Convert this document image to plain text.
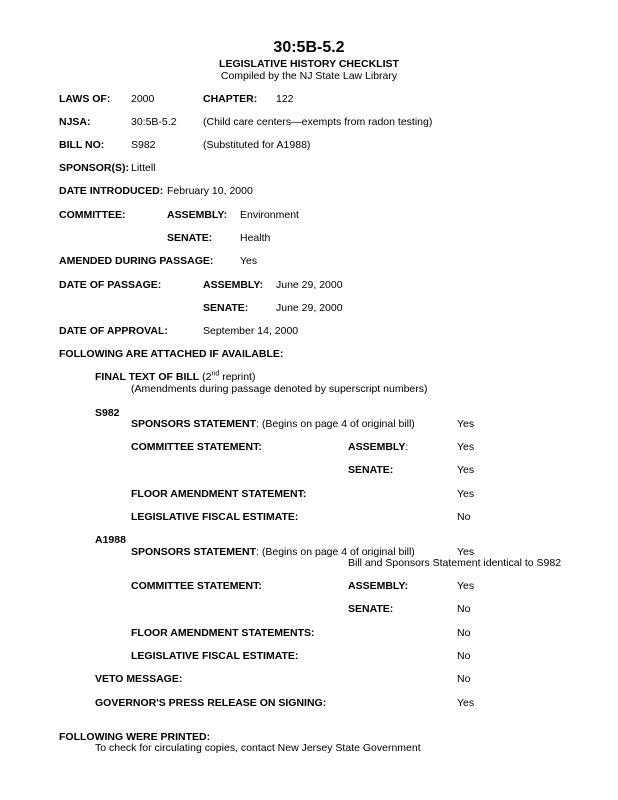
30:5B-5.2
LEGISLATIVE HISTORY CHECKLIST
Compiled by the NJ State Law Library
LAWS OF: 2000	CHAPTER: 122
NJSA:	30:5B-5.2	(Child care centers—exempts from radon testing)
BILL NO:	S982	(Substituted for A1988)
SPONSOR(S): Littell
DATE INTRODUCED: February 10, 2000
COMMITTEE:	ASSEMBLY: Environment
SENATE:	Health
AMENDED DURING PASSAGE:	Yes
DATE OF PASSAGE:	ASSEMBLY: June 29, 2000
SENATE:	June 29, 2000
DATE OF APPROVAL:	September 14, 2000
FOLLOWING ARE ATTACHED IF AVAILABLE:
FINAL TEXT OF BILL (2nd reprint)
(Amendments during passage denoted by superscript numbers)
S982
SPONSORS STATEMENT: (Begins on page 4 of original bill)	Yes
COMMITTEE STATEMENT:	ASSEMBLY:	Yes
SENATE:	Yes
FLOOR AMENDMENT STATEMENT:	Yes
LEGISLATIVE FISCAL ESTIMATE:	No
A1988
SPONSORS STATEMENT: (Begins on page 4 of original bill)	Yes
Bill and Sponsors Statement identical to S982
COMMITTEE STATEMENT:	ASSEMBLY:	Yes
SENATE:	No
FLOOR AMENDMENT STATEMENTS:	No
LEGISLATIVE FISCAL ESTIMATE:	No
VETO MESSAGE:	No
GOVERNOR'S PRESS RELEASE ON SIGNING:	Yes
FOLLOWING WERE PRINTED:
To check for circulating copies, contact New Jersey State Government
